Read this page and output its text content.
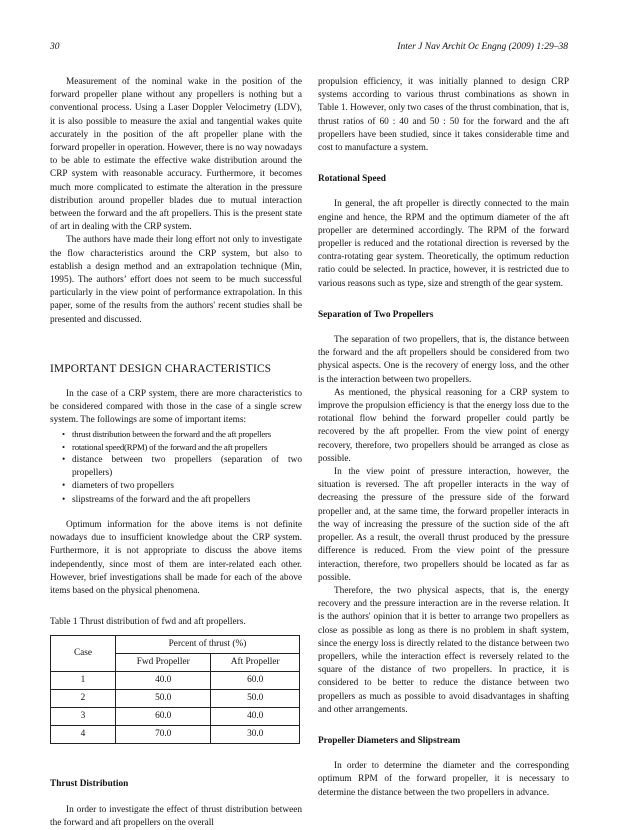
30	Inter J Nav Archit Oc Engng (2009) 1:29–38

Measurement of the nominal wake in the position of the forward propeller plane without any propellers is nothing but a conventional process. Using a Laser Doppler Velocimetry (LDV), it is also possible to measure the axial and tangential wakes quite accurately in the position of the aft propeller plane with the forward propeller in operation. However, there is no way nowadays to be able to estimate the effective wake distribution around the CRP system with reasonable accuracy. Furthermore, it becomes much more complicated to estimate the alteration in the pressure distribution around propeller blades due to mutual interaction between the forward and the aft propellers. This is the present state of art in dealing with the CRP system.

The authors have made their long effort not only to investigate the flow characteristics around the CRP system, but also to establish a design method and an extrapolation technique (Min, 1995). The authors’ effort does not seem to be much successful particularly in the view point of performance extrapolation. In this paper, some of the results from the authors' recent studies shall be presented and discussed.

IMPORTANT DESIGN CHARACTERISTICS

In the case of a CRP system, there are more characteristics to be considered compared with those in the case of a single screw system. The followings are some of important items:

• thrust distribution between the forward and the aft propellers
• rotational speed(RPM) of the forward and the aft propellers
• distance between two propellers (separation of two propellers)
• diameters of two propellers
• slipstreams of the forward and the aft propellers

Optimum information for the above items is not definite nowadays due to insufficient knowledge about the CRP system. Furthermore, it is not appropriate to discuss the above items independently, since most of them are inter-related each other. However, brief investigations shall be made for each of the above items based on the physical phenomena.

Table 1 Thrust distribution of fwd and aft propellers.
Case	Percent of thrust (%)	
	Fwd Propeller	Aft Propeller
1	40.0	60.0
2	50.0	50.0
3	60.0	40.0
4	70.0	30.0
Thrust Distribution

In order to investigate the effect of thrust distribution between the forward and aft propellers on the overall

propulsion efficiency, it was initially planned to design CRP systems according to various thrust combinations as shown in Table 1. However, only two cases of the thrust combination, that is, thrust ratios of 60 : 40 and 50 : 50 for the forward and the aft propellers have been studied, since it takes considerable time and cost to manufacture a system.

Rotational Speed

In general, the aft propeller is directly connected to the main engine and hence, the RPM and the optimum diameter of the aft propeller are determined accordingly. The RPM of the forward propeller is reduced and the rotational direction is reversed by the contra-rotating gear system. Theoretically, the optimum reduction ratio could be selected. In practice, however, it is restricted due to various reasons such as type, size and strength of the gear system.

Separation of Two Propellers

The separation of two propellers, that is, the distance between the forward and the aft propellers should be considered from two physical aspects. One is the recovery of energy loss, and the other is the interaction between two propellers.

As mentioned, the physical reasoning for a CRP system to improve the propulsion efficiency is that the energy loss due to the rotational flow behind the forward propeller could partly be recovered by the aft propeller. From the view point of energy recovery, therefore, two propellers should be arranged as close as possible.

In the view point of pressure interaction, however, the situation is reversed. The aft propeller interacts in the way of decreasing the pressure of the pressure side of the forward propeller and, at the same time, the forward propeller interacts in the way of increasing the pressure of the suction side of the aft propeller. As a result, the overall thrust produced by the pressure difference is reduced. From the view point of the pressure interaction, therefore, two propellers should be located as far as possible.

Therefore, the two physical aspects, that is, the energy recovery and the pressure interaction are in the reverse relation. It is the authors' opinion that it is better to arrange two propellers as close as possible as long as there is no problem in shaft system, since the energy loss is directly related to the distance between two propellers, while the interaction effect is reversely related to the square of the distance of two propellers. In practice, it is considered to be better to reduce the distance between two propellers as much as possible to avoid disadvantages in shafting and other arrangements.

Propeller Diameters and Slipstream

In order to determine the diameter and the corresponding optimum RPM of the forward propeller, it is necessary to determine the distance between the two propellers in advance.
